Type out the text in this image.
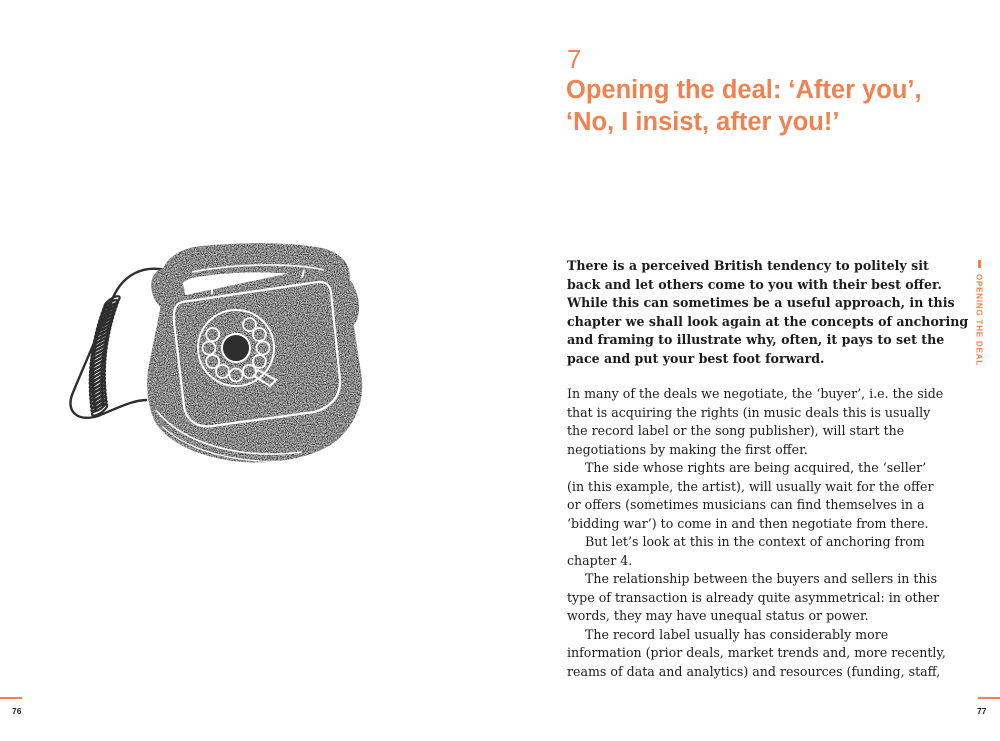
76
7
Opening the deal: ‘After you’,
‘No, I insist, after you!’

There is a perceived British tendency to politely sit
back and let others come to you with their best offer.
While this can sometimes be a useful approach, in this
chapter we shall look again at the concepts of anchoring
and framing to illustrate why, often, it pays to set the
pace and put your best foot forward.

In many of the deals we negotiate, the ‘buyer’, i.e. the side
that is acquiring the rights (in music deals this is usually
the record label or the song publisher), will start the
negotiations by making the first offer.
The side whose rights are being acquired, the ‘seller’
(in this example, the artist), will usually wait for the offer
or offers (sometimes musicians can find themselves in a
‘bidding war’) to come in and then negotiate from there.
But let’s look at this in the context of anchoring from
chapter 4.
The relationship between the buyers and sellers in this
type of transaction is already quite asymmetrical: in other
words, they may have unequal status or power.
The record label usually has considerably more
information (prior deals, market trends and, more recently,
reams of data and analytics) and resources (funding, staff,

OPENING THE DEAL
77
